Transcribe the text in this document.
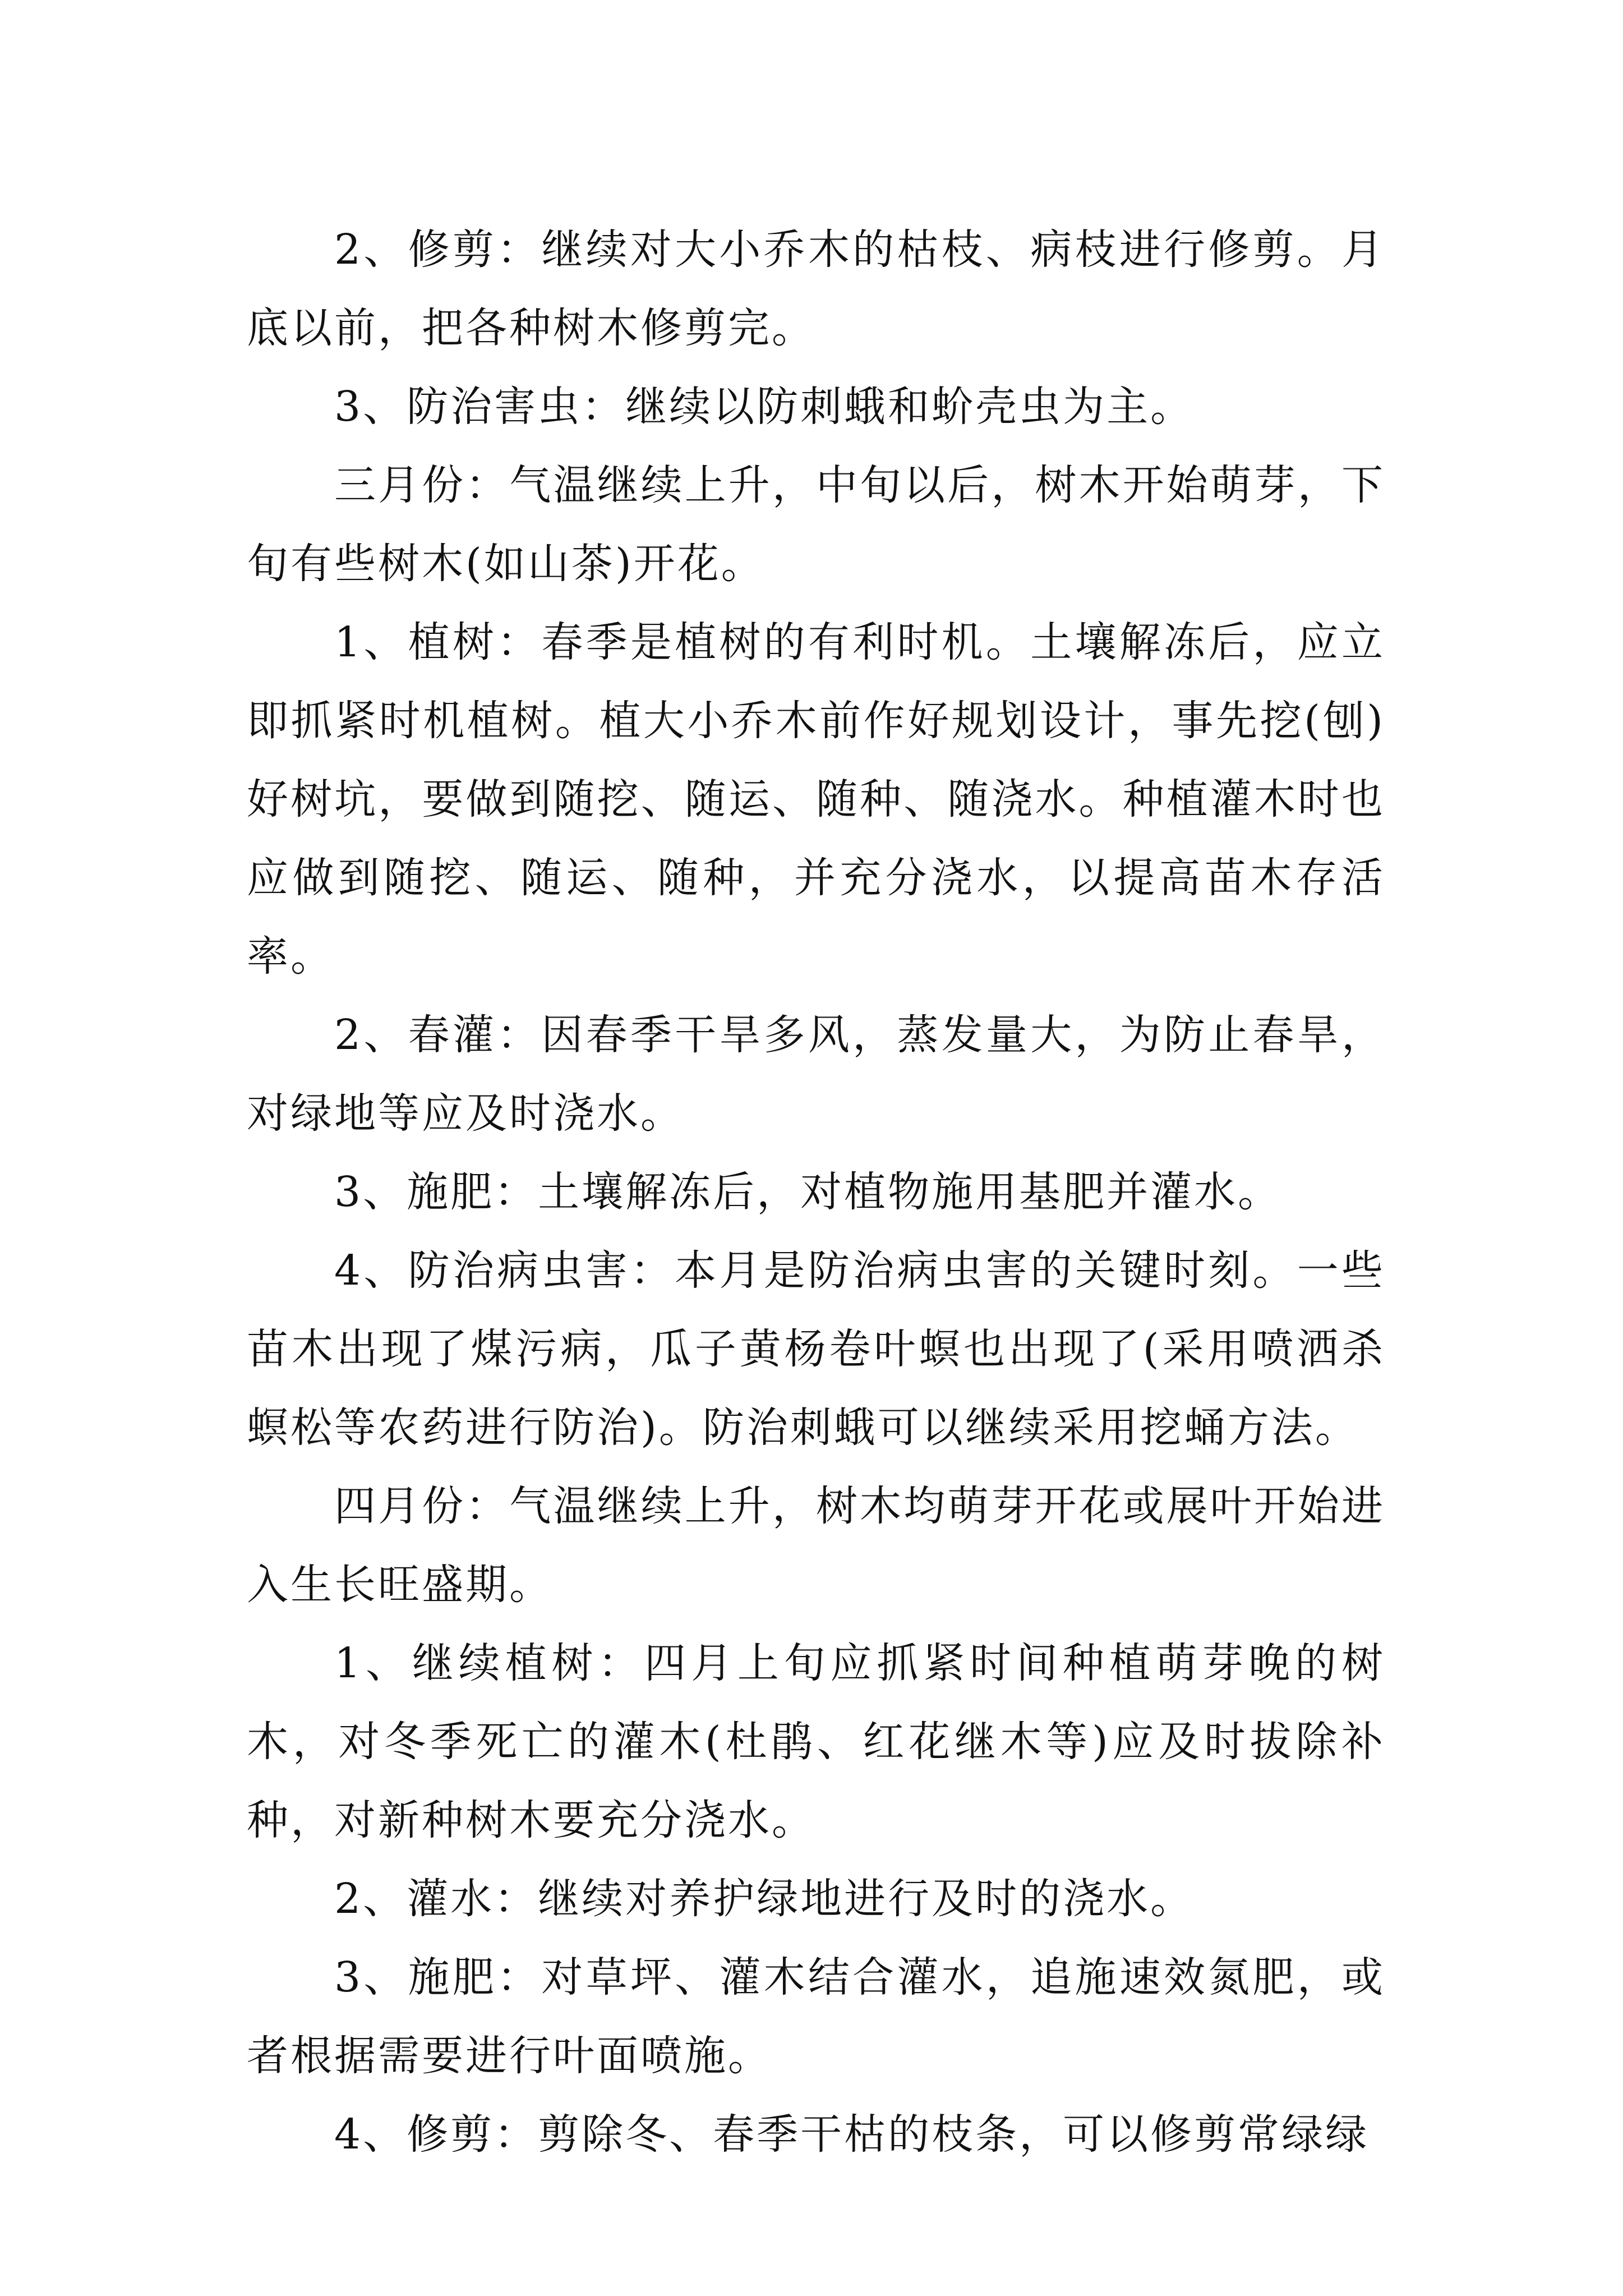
2、修剪：继续对大小乔木的枯枝、病枝进行修剪。月底以前，把各种树木修剪完。

3、防治害虫：继续以防刺蛾和蚧壳虫为主。

三月份：气温继续上升，中旬以后，树木开始萌芽，下旬有些树木(如山茶)开花。

1、植树：春季是植树的有利时机。土壤解冻后，应立即抓紧时机植树。植大小乔木前作好规划设计，事先挖(刨)好树坑，要做到随挖、随运、随种、随浇水。种植灌木时也应做到随挖、随运、随种，并充分浇水，以提高苗木存活率。

2、春灌：因春季干旱多风，蒸发量大，为防止春旱，对绿地等应及时浇水。

3、施肥：土壤解冻后，对植物施用基肥并灌水。

4、防治病虫害：本月是防治病虫害的关键时刻。一些苗木出现了煤污病，瓜子黄杨卷叶螟也出现了(采用喷洒杀螟松等农药进行防治)。防治刺蛾可以继续采用挖蛹方法。

四月份：气温继续上升，树木均萌芽开花或展叶开始进入生长旺盛期。

1、继续植树：四月上旬应抓紧时间种植萌芽晚的树木，对冬季死亡的灌木(杜鹃、红花继木等)应及时拔除补种，对新种树木要充分浇水。

2、灌水：继续对养护绿地进行及时的浇水。

3、施肥：对草坪、灌木结合灌水，追施速效氮肥，或者根据需要进行叶面喷施。

4、修剪：剪除冬、春季干枯的枝条，可以修剪常绿绿
